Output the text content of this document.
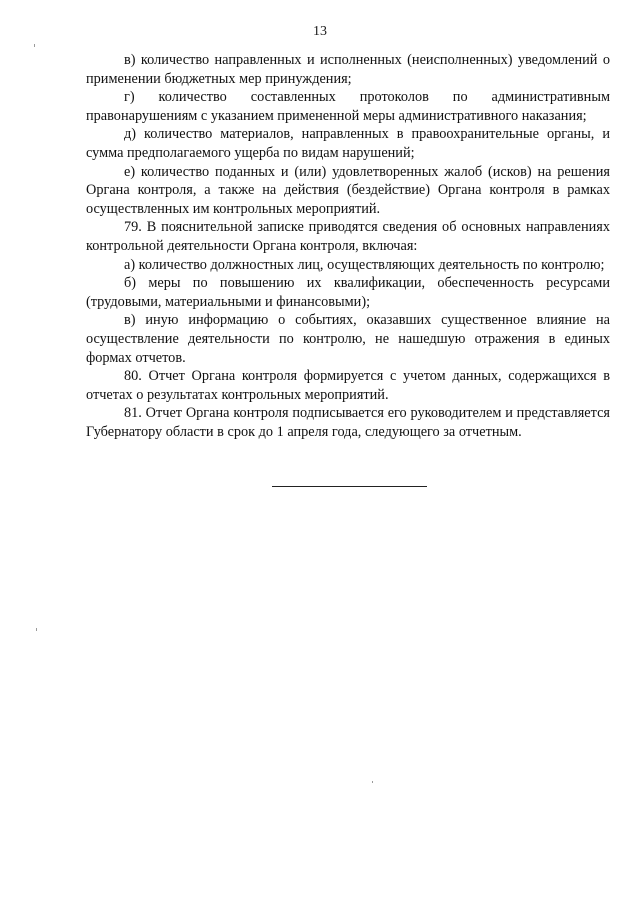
13

в) количество направленных и исполненных (неисполненных) уведомлений о применении бюджетных мер принуждения;

г) количество составленных протоколов по административным правонарушениям с указанием примененной меры административного наказания;

д) количество материалов, направленных в правоохранительные органы, и сумма предполагаемого ущерба по видам нарушений;

е) количество поданных и (или) удовлетворенных жалоб (исков) на решения Органа контроля, а также на действия (бездействие) Органа контроля в рамках осуществленных им контрольных мероприятий.

79. В пояснительной записке приводятся сведения об основных направлениях контрольной деятельности Органа контроля, включая:

а) количество должностных лиц, осуществляющих деятельность по контролю;

б) меры по повышению их квалификации, обеспеченность ресурсами (трудовыми, материальными и финансовыми);

в) иную информацию о событиях, оказавших существенное влияние на осуществление деятельности по контролю, не нашедшую отражения в единых формах отчетов.

80. Отчет Органа контроля формируется с учетом данных, содержащихся в отчетах о результатах контрольных мероприятий.

81. Отчет Органа контроля подписывается его руководителем и представляется Губернатору области в срок до 1 апреля года, следующего за отчетным.
